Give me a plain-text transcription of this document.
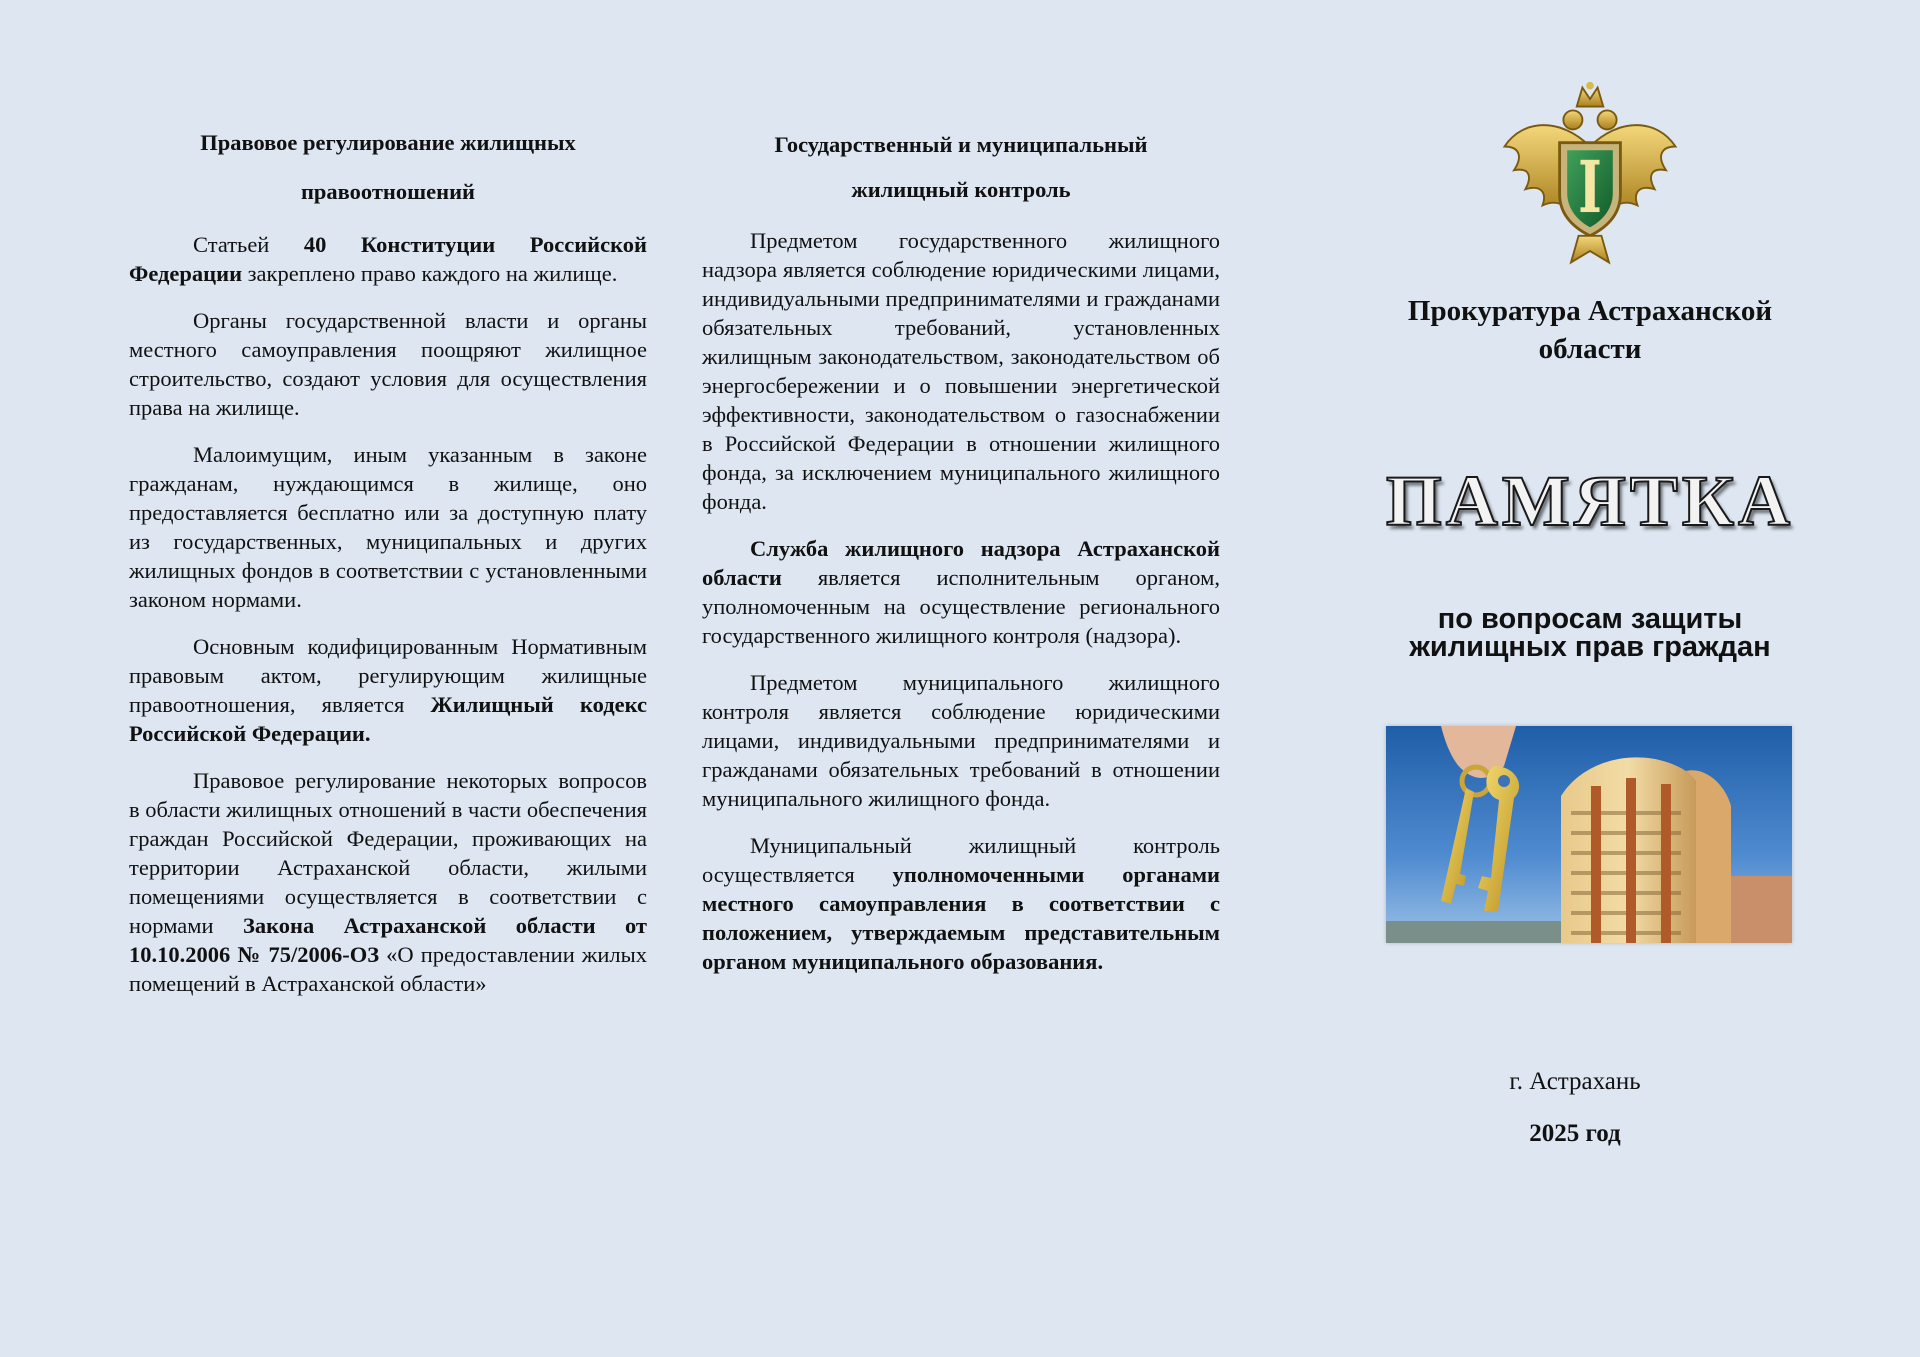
Правовое регулирование жилищных
правоотношений

Статьей 40 Конституции Российской Федерации закреплено право каждого на жилище.

Органы государственной власти и органы местного самоуправления поощряют жилищное строительство, создают условия для осуществления права на жилище.

Малоимущим, иным указанным в законе гражданам, нуждающимся в жилище, оно предоставляется бесплатно или за доступную плату из государственных, муниципальных и других жилищных фондов в соответствии с установленными законом нормами.

Основным кодифицированным Нормативным правовым актом, регулирующим жилищные правоотношения, является Жилищный кодекс Российской Федерации.

Правовое регулирование некоторых вопросов в области жилищных отношений в части обеспечения граждан Российской Федерации, проживающих на территории Астраханской области, жилыми помещениями осуществляется в соответствии с нормами Закона Астраханской области от 10.10.2006 № 75/2006-ОЗ «О предоставлении жилых помещений в Астраханской области»

Государственный и муниципальный
жилищный контроль

Предметом государственного жилищного надзора является соблюдение юридическими лицами, индивидуальными предпринимателями и гражданами обязательных требований, установленных жилищным законодательством, законодательством об энергосбережении и о повышении энергетической эффективности, законодательством о газоснабжении в Российской Федерации в отношении жилищного фонда, за исключением муниципального жилищного фонда.

Служба жилищного надзора Астраханской области является исполнительным органом, уполномоченным на осуществление регионального государственного жилищного контроля (надзора).

Предметом муниципального жилищного контроля является соблюдение юридическими лицами, индивидуальными предпринимателями и гражданами обязательных требований в отношении муниципального жилищного фонда.

Муниципальный жилищный контроль осуществляется уполномоченными органами местного самоуправления в соответствии с положением, утверждаемым представительным органом муниципального образования.

Прокуратура Астраханской
области
ПАМЯТКА
по вопросам защиты
жилищных прав граждан
г. Астрахань
2025 год
